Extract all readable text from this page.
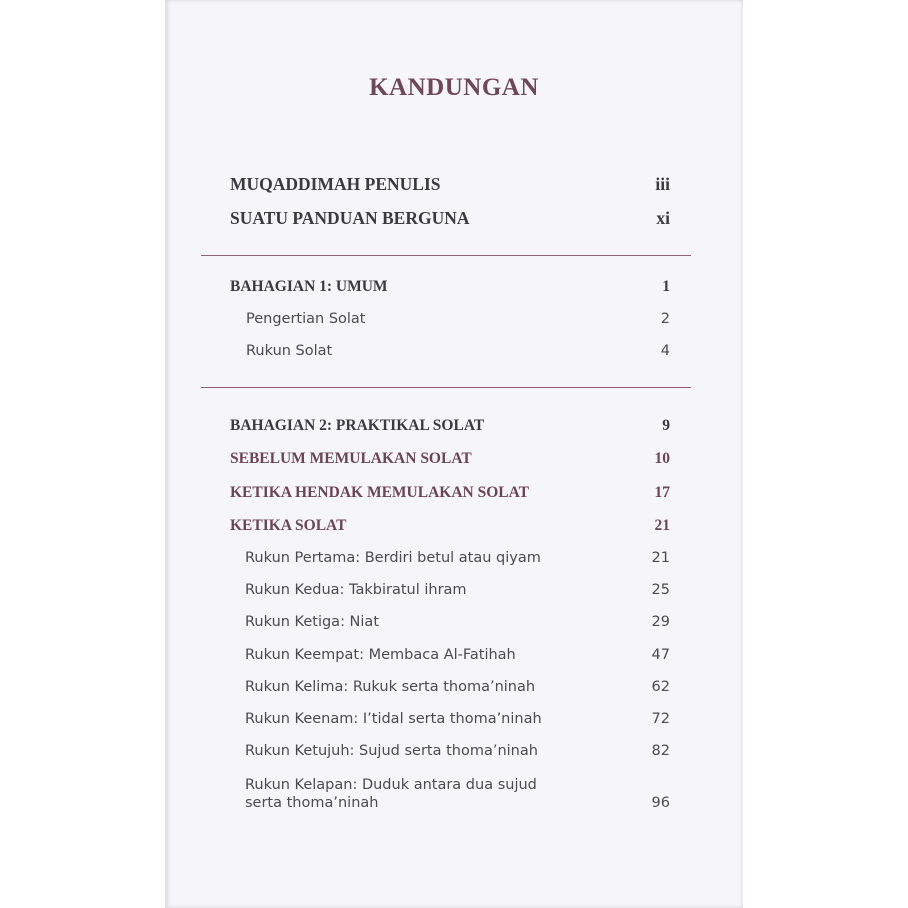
KANDUNGAN
MUQADDIMAH PENULIS	iii
SUATU PANDUAN BERGUNA	xi
BAHAGIAN 1: UMUM	1
Pengertian Solat	2
Rukun Solat	4
BAHAGIAN 2: PRAKTIKAL SOLAT	9
SEBELUM MEMULAKAN SOLAT	10
KETIKA HENDAK MEMULAKAN SOLAT	17
KETIKA SOLAT	21
Rukun Pertama: Berdiri betul atau qiyam	21
Rukun Kedua: Takbiratul ihram	25
Rukun Ketiga: Niat	29
Rukun Keempat: Membaca Al-Fatihah	47
Rukun Kelima: Rukuk serta thoma’ninah	62
Rukun Keenam: I’tidal serta thoma’ninah	72
Rukun Ketujuh: Sujud serta thoma’ninah	82
Rukun Kelapan: Duduk antara dua sujud
serta thoma’ninah	96
